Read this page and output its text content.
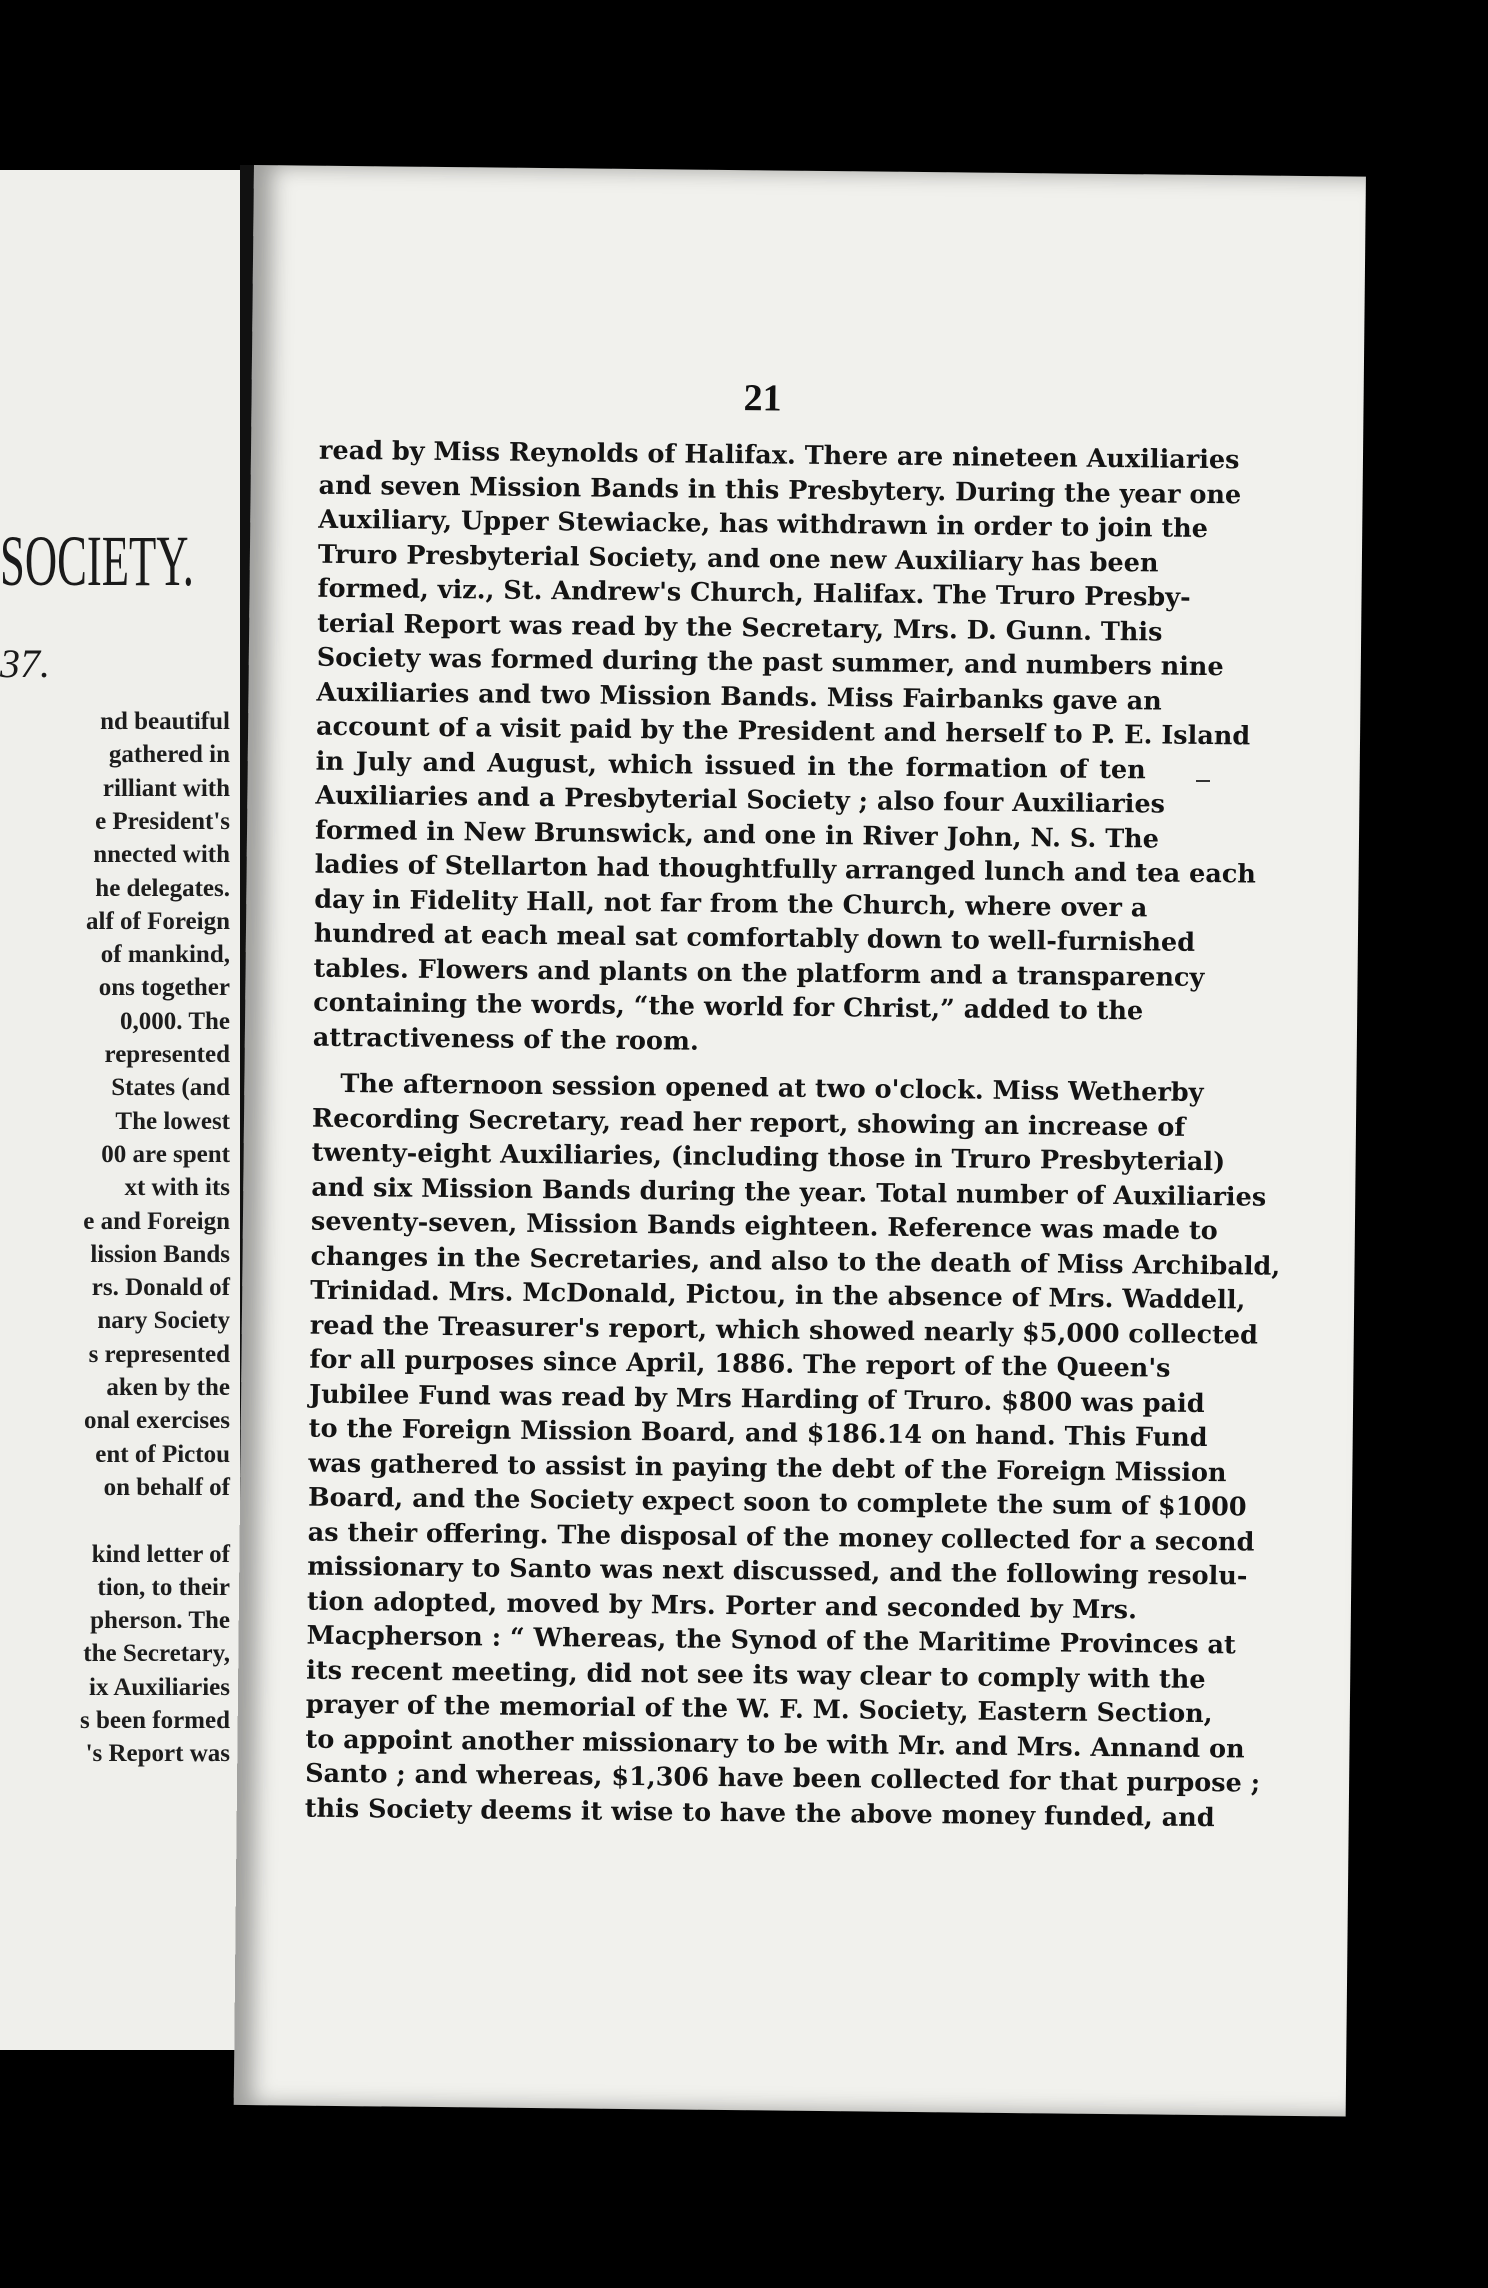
SOCIETY.
37.
nd beautiful
gathered in
rilliant with
e President's
nnected with
he delegates.
alf of Foreign
of mankind,
ons together
0,000. The
represented
States (and
The lowest
00 are spent
xt with its
e and Foreign
lission Bands
rs. Donald of
nary Society
s represented
aken by the
onal exercises
ent of Pictou
on behalf of
kind letter of
tion, to their
pherson. The
the Secretary,
ix Auxiliaries
s been formed
's Report was
21
read by Miss Reynolds of Halifax. There are nineteen Auxiliaries
and seven Mission Bands in this Presbytery. During the year one
Auxiliary, Upper Stewiacke, has withdrawn in order to join the
Truro Presbyterial Society, and one new Auxiliary has been
formed, viz., St. Andrew's Church, Halifax. The Truro Presby-
terial Report was read by the Secretary, Mrs. D. Gunn. This
Society was formed during the past summer, and numbers nine
Auxiliaries and two Mission Bands. Miss Fairbanks gave an
account of a visit paid by the President and herself to P. E. Island
in July and August, which issued in the formation of ten
Auxiliaries and a Presbyterial Society ; also four Auxiliaries
formed in New Brunswick, and one in River John, N. S. The
ladies of Stellarton had thoughtfully arranged lunch and tea each
day in Fidelity Hall, not far from the Church, where over a
hundred at each meal sat comfortably down to well-furnished
tables. Flowers and plants on the platform and a transparency
containing the words, “the world for Christ,” added to the
attractiveness of the room.
The afternoon session opened at two o'clock. Miss Wetherby
Recording Secretary, read her report, showing an increase of
twenty-eight Auxiliaries, (including those in Truro Presbyterial)
and six Mission Bands during the year. Total number of Auxiliaries
seventy-seven, Mission Bands eighteen. Reference was made to
changes in the Secretaries, and also to the death of Miss Archibald,
Trinidad. Mrs. McDonald, Pictou, in the absence of Mrs. Waddell,
read the Treasurer's report, which showed nearly $5,000 collected
for all purposes since April, 1886. The report of the Queen's
Jubilee Fund was read by Mrs Harding of Truro. $800 was paid
to the Foreign Mission Board, and $186.14 on hand. This Fund
was gathered to assist in paying the debt of the Foreign Mission
Board, and the Society expect soon to complete the sum of $1000
as their offering. The disposal of the money collected for a second
missionary to Santo was next discussed, and the following resolu-
tion adopted, moved by Mrs. Porter and seconded by Mrs.
Macpherson : “ Whereas, the Synod of the Maritime Provinces at
its recent meeting, did not see its way clear to comply with the
prayer of the memorial of the W. F. M. Society, Eastern Section,
to appoint another missionary to be with Mr. and Mrs. Annand on
Santo ; and whereas, $1,306 have been collected for that purpose ;
this Society deems it wise to have the above money funded, and
